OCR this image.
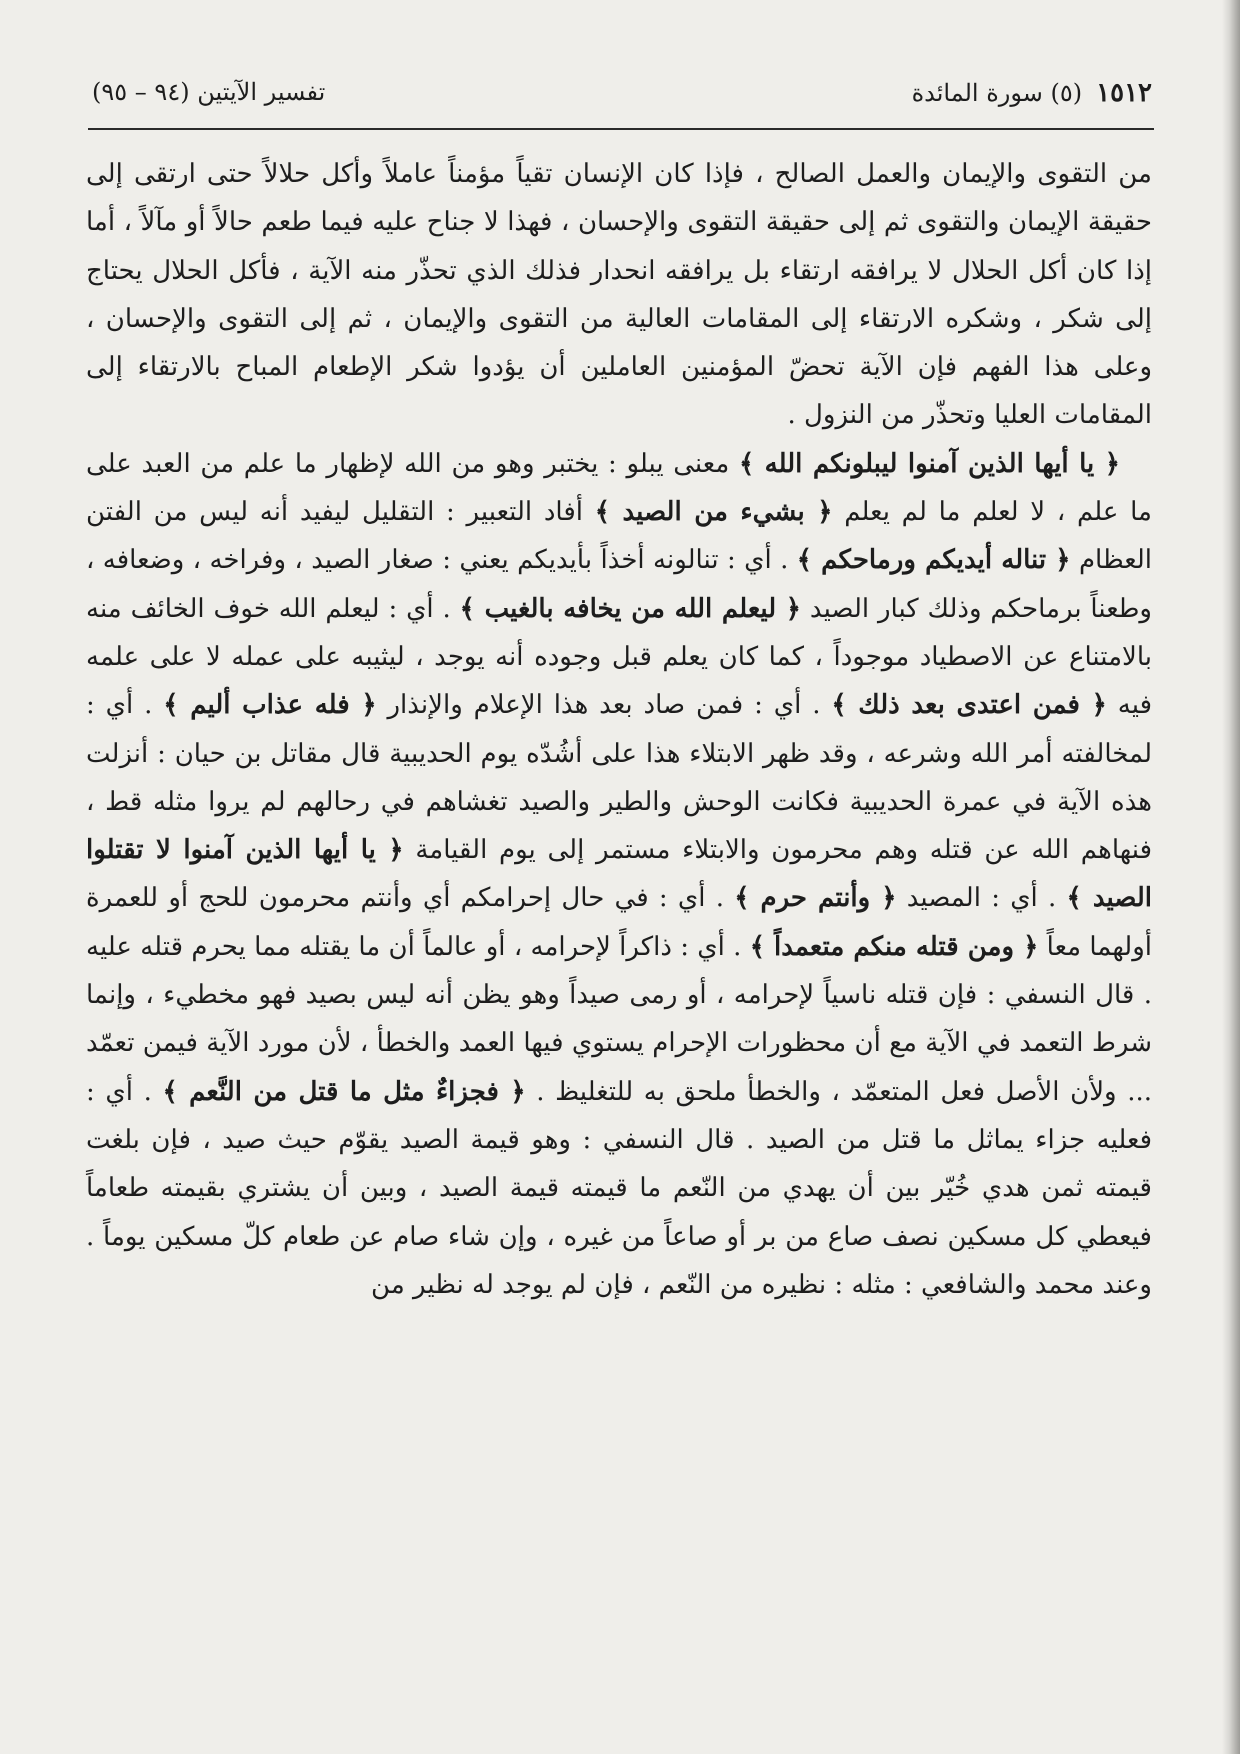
١٥١٢
(٥) سورة المائدة
تفسير الآيتين (٩٤ – ٩٥)

من التقوى والإيمان والعمل الصالح ، فإذا كان الإنسان تقياً مؤمناً عاملاً وأكل حلالاً حتى ارتقى إلى حقيقة الإيمان والتقوى ثم إلى حقيقة التقوى والإحسان ، فهذا لا جناح عليه فيما طعم حالاً أو مآلاً ، أما إذا كان أكل الحلال لا يرافقه ارتقاء بل يرافقه انحدار فذلك الذي تحذّر منه الآية ، فأكل الحلال يحتاج إلى شكر ، وشكره الارتقاء إلى المقامات العالية من التقوى والإيمان ، ثم إلى التقوى والإحسان ، وعلى هذا الفهم فإن الآية تحضّ المؤمنين العاملين أن يؤدوا شكر الإطعام المباح بالارتقاء إلى المقامات العليا وتحذّر من النزول .

﴿ يا أيها الذين آمنوا ليبلونكم الله ﴾ معنى يبلو : يختبر وهو من الله لإظهار ما علم من العبد على ما علم ، لا لعلم ما لم يعلم ﴿ بشيء من الصيد ﴾ أفاد التعبير : التقليل ليفيد أنه ليس من الفتن العظام ﴿ تناله أيديكم ورماحكم ﴾ . أي : تنالونه أخذاً بأيديكم يعني : صغار الصيد ، وفراخه ، وضعافه ، وطعناً برماحكم وذلك كبار الصيد ﴿ ليعلم الله من يخافه بالغيب ﴾ . أي : ليعلم الله خوف الخائف منه بالامتناع عن الاصطياد موجوداً ، كما كان يعلم قبل وجوده أنه يوجد ، ليثيبه على عمله لا على علمه فيه ﴿ فمن اعتدى بعد ذلك ﴾ . أي : فمن صاد بعد هذا الإعلام والإنذار ﴿ فله عذاب أليم ﴾ . أي : لمخالفته أمر الله وشرعه ، وقد ظهر الابتلاء هذا على أشُدّه يوم الحديبية قال مقاتل بن حيان : أنزلت هذه الآية في عمرة الحديبية فكانت الوحش والطير والصيد تغشاهم في رحالهم لم يروا مثله قط ، فنهاهم الله عن قتله وهم محرمون والابتلاء مستمر إلى يوم القيامة ﴿ يا أيها الذين آمنوا لا تقتلوا الصيد ﴾ . أي : المصيد ﴿ وأنتم حرم ﴾ . أي : في حال إحرامكم أي وأنتم محرمون للحج أو للعمرة أولهما معاً ﴿ ومن قتله منكم متعمداً ﴾ . أي : ذاكراً لإحرامه ، أو عالماً أن ما يقتله مما يحرم قتله عليه . قال النسفي : فإن قتله ناسياً لإحرامه ، أو رمى صيداً وهو يظن أنه ليس بصيد فهو مخطيء ، وإنما شرط التعمد في الآية مع أن محظورات الإحرام يستوي فيها العمد والخطأ ، لأن مورد الآية فيمن تعمّد ... ولأن الأصل فعل المتعمّد ، والخطأ ملحق به للتغليظ . ﴿ فجزاءٌ مثل ما قتل من النَّعم ﴾ . أي : فعليه جزاء يماثل ما قتل من الصيد . قال النسفي : وهو قيمة الصيد يقوّم حيث صيد ، فإن بلغت قيمته ثمن هدي خُيّر بين أن يهدي من النّعم ما قيمته قيمة الصيد ، وبين أن يشتري بقيمته طعاماً فيعطي كل مسكين نصف صاع من بر أو صاعاً من غيره ، وإن شاء صام عن طعام كلّ مسكين يوماً . وعند محمد والشافعي : مثله : نظيره من النّعم ، فإن لم يوجد له نظير من
